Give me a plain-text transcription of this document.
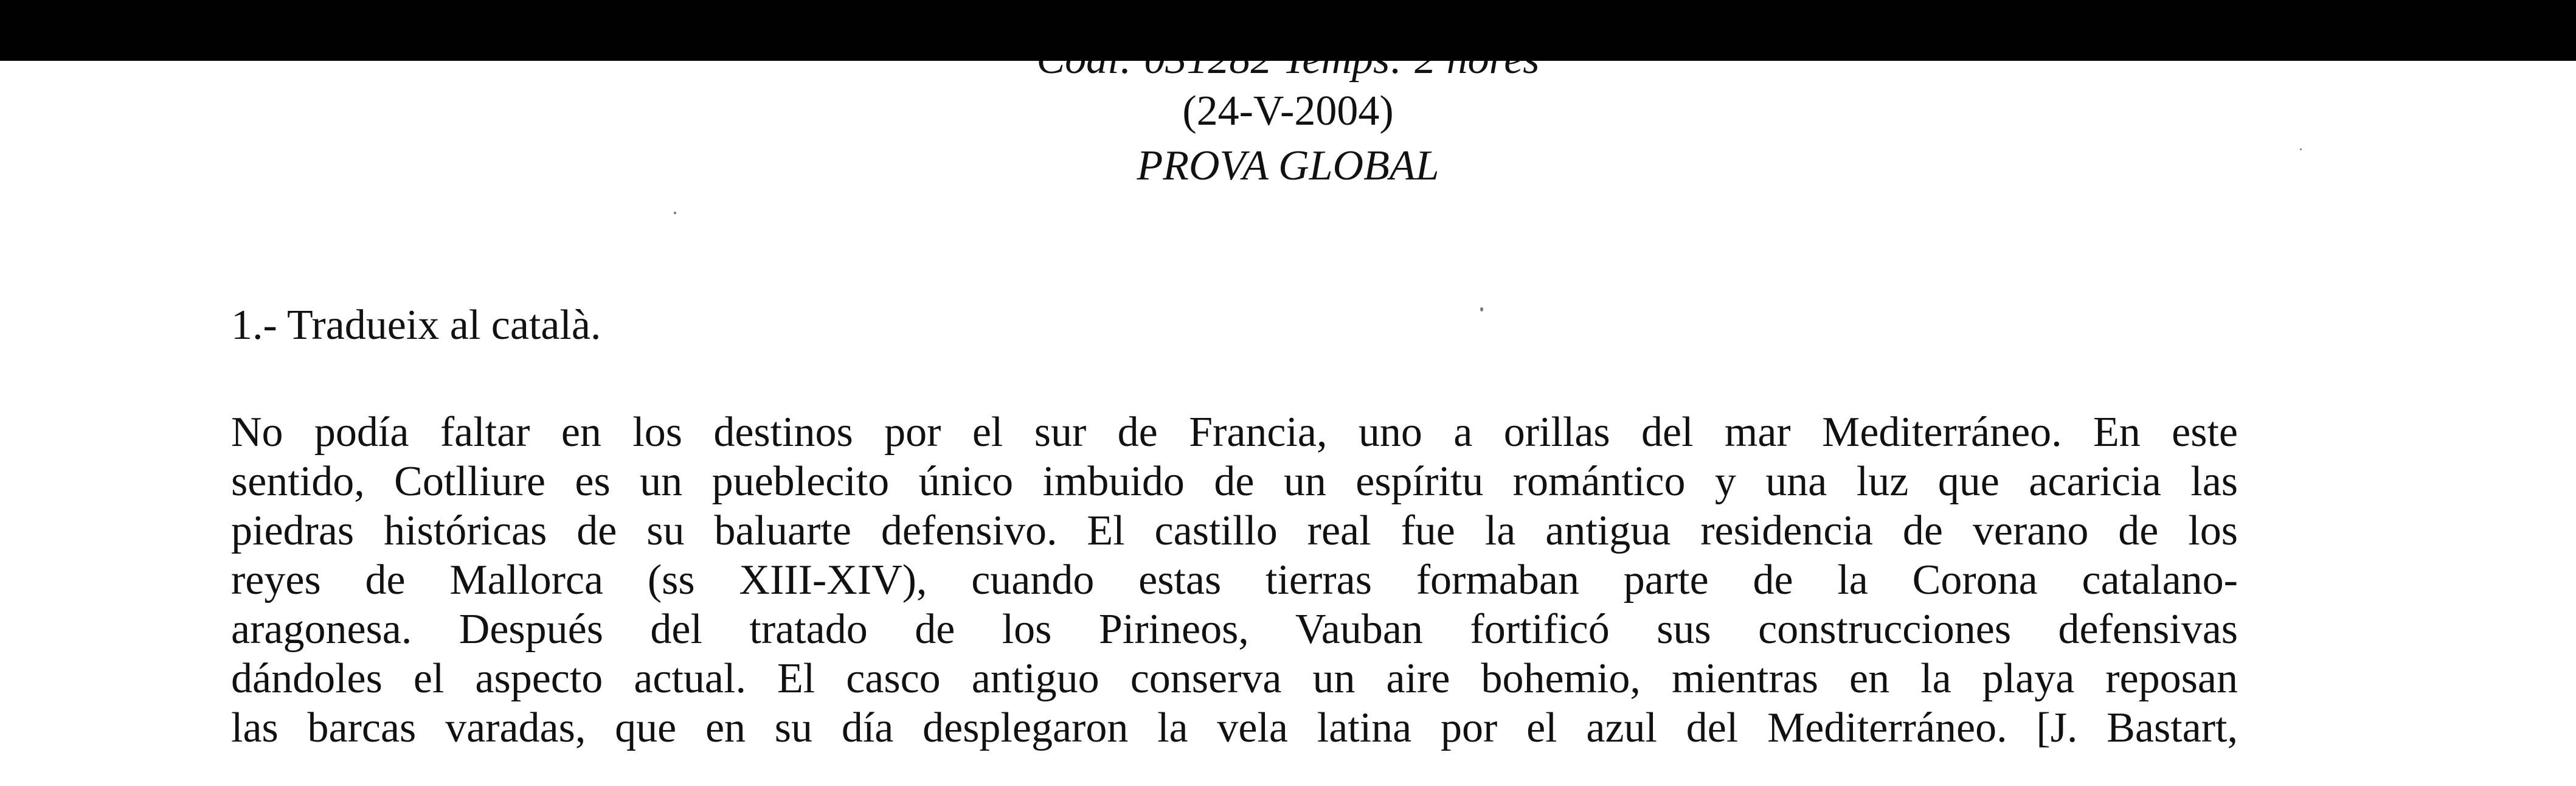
(24-V-2004)
PROVA GLOBAL
1.- Tradueix al català.
No podía faltar en los destinos por el sur de Francia, uno a orillas del mar Mediterráneo. En este
sentido, Cotlliure es un pueblecito único imbuido de un espíritu romántico y una luz que acaricia las
piedras históricas de su baluarte defensivo. El castillo real fue la antigua residencia de verano de los
reyes de Mallorca (ss XIII-XIV), cuando estas tierras formaban parte de la Corona catalano-
aragonesa. Después del tratado de los Pirineos, Vauban fortificó sus construcciones defensivas
dándoles el aspecto actual. El casco antiguo conserva un aire bohemio, mientras en la playa reposan
las barcas varadas, que en su día desplegaron la vela latina por el azul del Mediterráneo. [J. Bastart,
